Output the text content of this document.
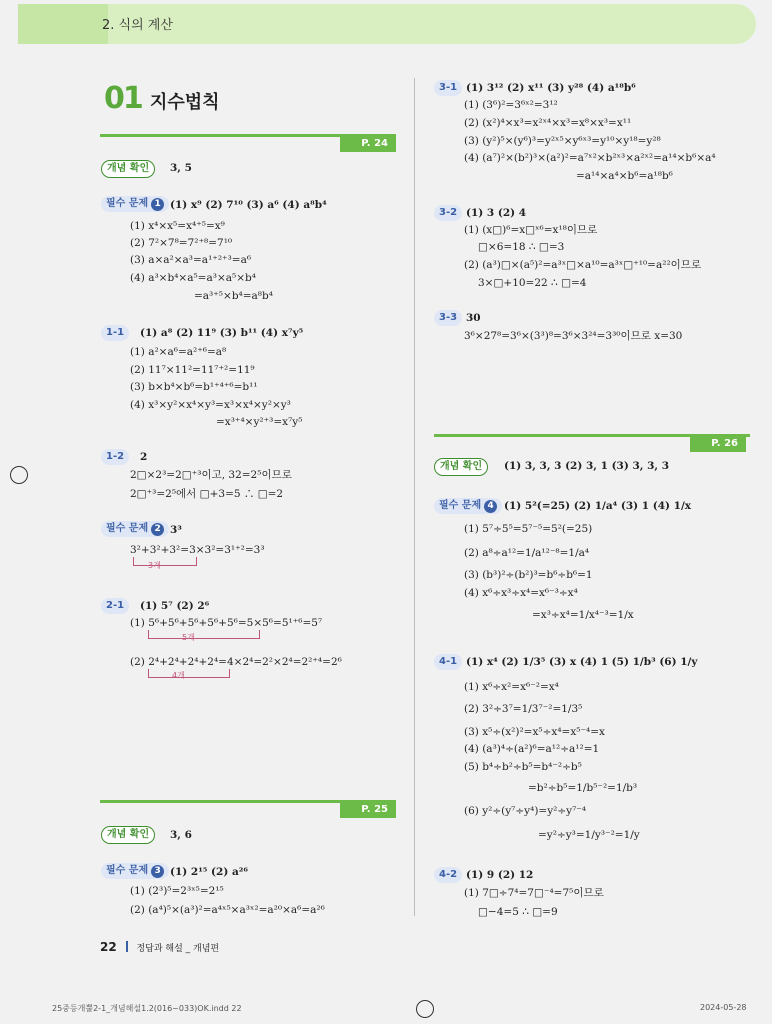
2. 식의 계산
01 지수법칙
P. 24
개념 확인	3, 5
필수 문제 1 (1) x⁹ (2) 7¹⁰ (3) a⁶ (4) a⁸b⁴
(1) x⁴×x⁵=x⁴⁺⁵=x⁹
(2) 7²×7⁸=7²⁺⁸=7¹⁰
(3) a×a²×a³=a¹⁺²⁺³=a⁶
(4) a³×b⁴×a⁵=a³×a⁵×b⁴
=a³⁺⁵×b⁴=a⁸b⁴
1-1	(1) a⁸ (2) 11⁹ (3) b¹¹ (4) x⁷y⁵
(1) a²×a⁶=a²⁺⁶=a⁸
(2) 11⁷×11²=11⁷⁺²=11⁹
(3) b×b⁴×b⁶=b¹⁺⁴⁺⁶=b¹¹
(4) x³×y²×x⁴×y³=x³×x⁴×y²×y³
=x³⁺⁴×y²⁺³=x⁷y⁵
1-2	2
2□×2³=2□⁺³이고, 32=2⁵이므로
2□⁺³=2⁵에서 □+3=5 ∴ □=2
필수 문제 2 3³
3²+3²+3²=3×3²=3¹⁺²=3³
3개
2-1	(1) 5⁷ (2) 2⁶
(1) 5⁶+5⁶+5⁶+5⁶+5⁶=5×5⁶=5¹⁺⁶=5⁷
5개
(2) 2⁴+2⁴+2⁴+2⁴=4×2⁴=2²×2⁴=2²⁺⁴=2⁶
4개
P. 25
개념 확인	3, 6
필수 문제 3 (1) 2¹⁵ (2) a²⁶
(1) (2³)⁵=2³ˣ⁵=2¹⁵
(2) (a⁴)⁵×(a³)²=a⁴ˣ⁵×a³ˣ²=a²⁰×a⁶=a²⁶
3-1 (1) 3¹² (2) x¹¹ (3) y²⁸ (4) a¹⁸b⁶
(1) (3⁶)²=3⁶ˣ²=3¹²
(2) (x²)⁴×x³=x²ˣ⁴×x³=x⁸×x³=x¹¹
(3) (y²)⁵×(y⁶)³=y²ˣ⁵×y⁶ˣ³=y¹⁰×y¹⁸=y²⁸
(4) (a⁷)²×(b²)³×(a²)²=a⁷ˣ²×b²ˣ³×a²ˣ²=a¹⁴×b⁶×a⁴
=a¹⁴×a⁴×b⁶=a¹⁸b⁶
3-2 (1) 3 (2) 4
(1) (x□)⁶=x□ˣ⁶=x¹⁸이므로
□×6=18 ∴ □=3
(2) (a³)□×(a⁵)²=a³ˣ□×a¹⁰=a³ˣ□⁺¹⁰=a²²이므로
3×□+10=22 ∴ □=4
3-3 30
3⁶×27⁸=3⁶×(3³)⁸=3⁶×3²⁴=3³⁰이므로 x=30
P. 26
개념 확인	(1) 3, 3, 3 (2) 3, 1 (3) 3, 3, 3
필수 문제 4 (1) 5²(=25) (2) 1/a⁴ (3) 1 (4) 1/x
(1) 5⁷÷5⁵=5⁷⁻⁵=5²(=25)
(2) a⁸÷a¹²=1/a¹²⁻⁸=1/a⁴
(3) (b³)²÷(b²)³=b⁶÷b⁶=1
(4) x⁶÷x³÷x⁴=x⁶⁻³÷x⁴
=x³÷x⁴=1/x⁴⁻³=1/x
4-1 (1) x⁴ (2) 1/3⁵ (3) x (4) 1 (5) 1/b³ (6) 1/y
(1) x⁶÷x²=x⁶⁻²=x⁴
(2) 3²÷3⁷=1/3⁷⁻²=1/3⁵
(3) x⁵÷(x²)²=x⁵÷x⁴=x⁵⁻⁴=x
(4) (a³)⁴÷(a²)⁶=a¹²÷a¹²=1
(5) b⁴÷b²÷b⁵=b⁴⁻²÷b⁵
=b²÷b⁵=1/b⁵⁻²=1/b³
(6) y²÷(y⁷÷y⁴)=y²÷y⁷⁻⁴
=y²÷y³=1/y³⁻²=1/y
4-2 (1) 9 (2) 12
(1) 7□÷7⁴=7□⁻⁴=7⁵이므로
□−4=5 ∴ □=9
22 정답과 해설 _ 개념편
25중등개뿔2-1_개념해설1.2(016~033)OK.indd 22	2024-05-28
